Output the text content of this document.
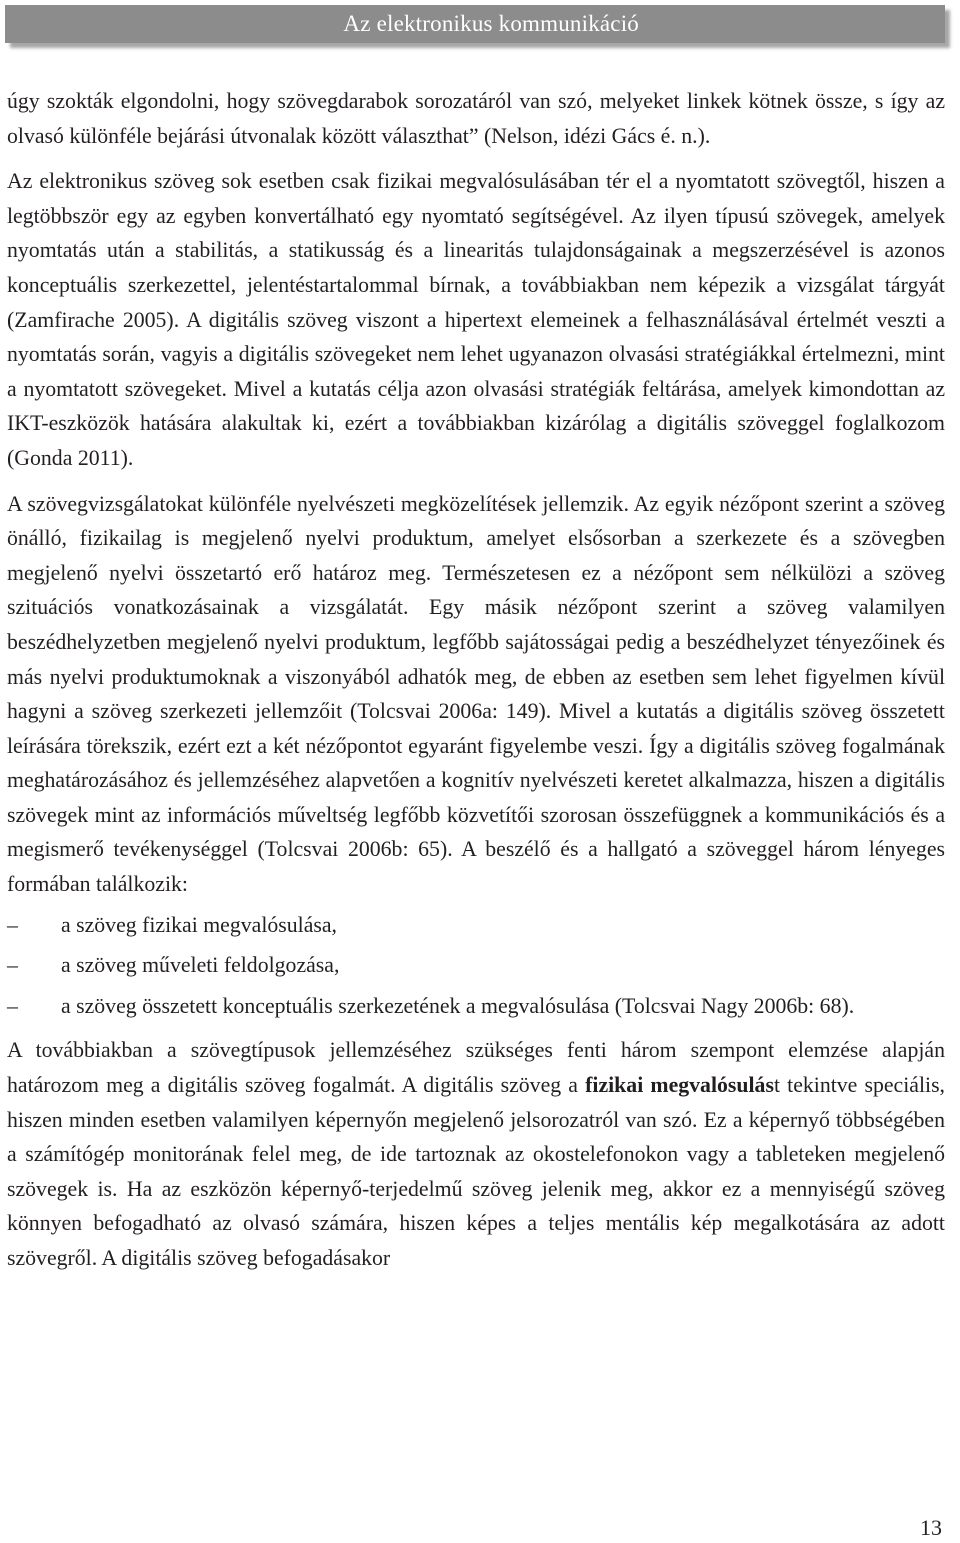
Az elektronikus kommunikáció

úgy szokták elgondolni, hogy szövegdarabok sorozatáról van szó, melyeket linkek kötnek össze, s így az olvasó különféle bejárási útvonalak között választhat” (Nelson, idézi Gács é. n.).

Az elektronikus szöveg sok esetben csak fizikai megvalósulásában tér el a nyomtatott szövegtől, hiszen a legtöbbször egy az egyben konvertálható egy nyomtató segítségével. Az ilyen típusú szövegek, amelyek nyomtatás után a stabilitás, a statikusság és a linearitás tulajdonságainak a megszerzésével is azonos konceptuális szerkezettel, jelentéstartalommal bírnak, a továbbiakban nem képezik a vizsgálat tárgyát (Zamfirache 2005). A digitális szöveg viszont a hipertext elemeinek a felhasználásával értelmét veszti a nyomtatás során, vagyis a digitális szövegeket nem lehet ugyanazon olvasási stratégiákkal értelmezni, mint a nyomtatott szövegeket. Mivel a kutatás célja azon olvasási stratégiák feltárása, amelyek kimondottan az IKT-eszközök hatására alakultak ki, ezért a továbbiakban kizárólag a digitális szöveggel foglalkozom (Gonda 2011).

A szövegvizsgálatokat különféle nyelvészeti megközelítések jellemzik. Az egyik nézőpont szerint a szöveg önálló, fizikailag is megjelenő nyelvi produktum, amelyet elsősorban a szerkezete és a szövegben megjelenő nyelvi összetartó erő határoz meg. Természetesen ez a nézőpont sem nélkülözi a szöveg szituációs vonatkozásainak a vizsgálatát. Egy másik nézőpont szerint a szöveg valamilyen beszédhelyzetben megjelenő nyelvi produktum, legfőbb sajátosságai pedig a beszédhelyzet tényezőinek és más nyelvi produktumoknak a viszonyából adhatók meg, de ebben az esetben sem lehet figyelmen kívül hagyni a szöveg szerkezeti jellemzőit (Tolcsvai 2006a: 149). Mivel a kutatás a digitális szöveg összetett leírására törekszik, ezért ezt a két nézőpontot egyaránt figyelembe veszi. Így a digitális szöveg fogalmának meghatározásához és jellemzéséhez alapvetően a kognitív nyelvészeti keretet alkalmazza, hiszen a digitális szövegek mint az információs műveltség legfőbb közvetítői szorosan összefüggnek a kommunikációs és a megismerő tevékenységgel (Tolcsvai 2006b: 65). A beszélő és a hallgató a szöveggel három lényeges formában találkozik:

–	a szöveg fizikai megvalósulása,
–	a szöveg műveleti feldolgozása,
–	a szöveg összetett konceptuális szerkezetének a megvalósulása (Tolcsvai Nagy 2006b: 68).

A továbbiakban a szövegtípusok jellemzéséhez szükséges fenti három szempont elemzése alapján határozom meg a digitális szöveg fogalmát. A digitális szöveg a fizikai megvalósulást tekintve speciális, hiszen minden esetben valamilyen képernyőn megjelenő jelsorozatról van szó. Ez a képernyő többségében a számítógép monitorának felel meg, de ide tartoznak az okostelefonokon vagy a tableteken megjelenő szövegek is. Ha az eszközön képernyő-terjedelmű szöveg jelenik meg, akkor ez a mennyiségű szöveg könnyen befogadható az olvasó számára, hiszen képes a teljes mentális kép megalkotására az adott szövegről. A digitális szöveg befogadásakor

13
